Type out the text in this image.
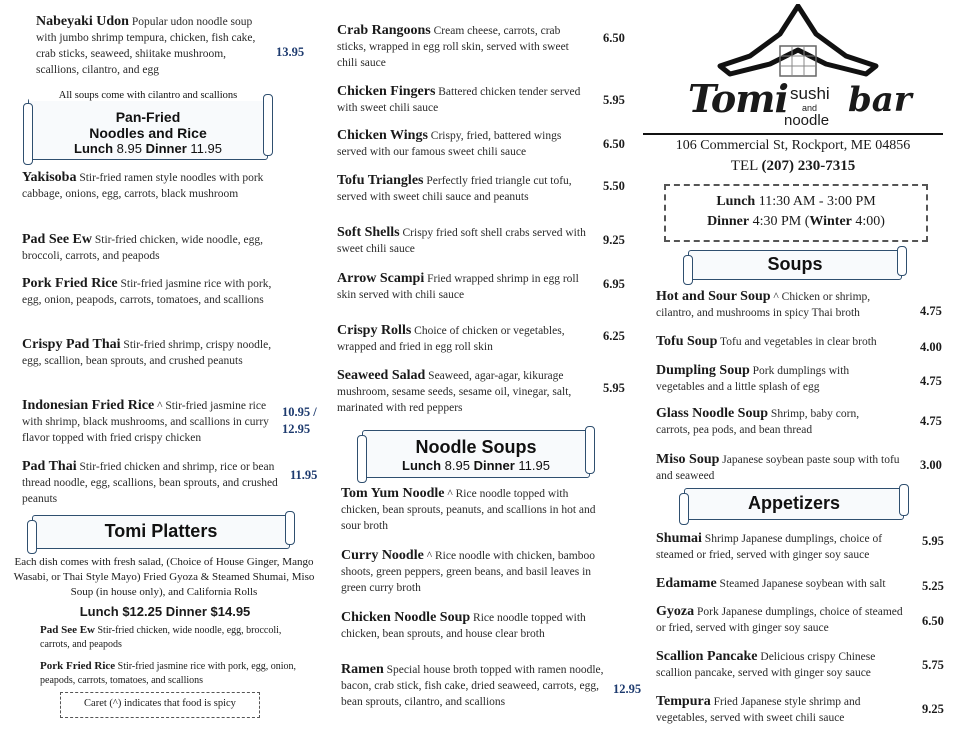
Nabeyaki Udon Popular udon noodle soup with jumbo shrimp tempura, chicken, fish cake, crab sticks, seaweed, shiitake mushroom, scallions, cilantro, and egg
13.95
All soups come with cilantro and scallions
Pan-Fried
Noodles and Rice
Lunch 8.95 Dinner 11.95
Yakisoba Stir-fried ramen style noodles with pork cabbage, onions, egg, carrots, black mushroom
Pad See Ew Stir-fried chicken, wide noodle, egg, broccoli, carrots, and peapods
Pork Fried Rice Stir-fried jasmine rice with pork, egg, onion, peapods, carrots, tomatoes, and scallions
Crispy Pad Thai Stir-fried shrimp, crispy noodle, egg, scallion, bean sprouts, and crushed peanuts
Indonesian Fried Rice ^ Stir-fried jasmine rice with shrimp, black mushrooms, and scallions in curry flavor topped with fried crispy chicken
10.95 / 12.95
Pad Thai Stir-fried chicken and shrimp, rice or bean thread noodle, egg, scallions, bean sprouts, and crushed peanuts
11.95
Tomi Platters
Each dish comes with fresh salad, (Choice of House Ginger, Mango Wasabi, or Thai Style Mayo) Fried Gyoza & Steamed Shumai, Miso Soup (in house only), and California Rolls
Lunch $12.25 Dinner $14.95
Pad See Ew Stir-fried chicken, wide noodle, egg, broccoli, carrots, and peapods
Pork Fried Rice Stir-fried jasmine rice with pork, egg, onion, peapods, carrots, tomatoes, and scallions
Caret (^) indicates that food is spicy
Crab Rangoons Cream cheese, carrots, crab sticks, wrapped in egg roll skin, served with sweet chili sauce
6.50
Chicken Fingers Battered chicken tender served with sweet chili sauce
5.95
Chicken Wings Crispy, fried, battered wings served with our famous sweet chili sauce
6.50
Tofu Triangles Perfectly fried triangle cut tofu, served with sweet chili sauce and peanuts
5.50
Soft Shells Crispy fried soft shell crabs served with sweet chili sauce
9.25
Arrow Scampi Fried wrapped shrimp in egg roll skin served with chili sauce
6.95
Crispy Rolls Choice of chicken or vegetables, wrapped and fried in egg roll skin
6.25
Seaweed Salad Seaweed, agar-agar, kikurage mushroom, sesame seeds, sesame oil, vinegar, salt, marinated with red peppers
5.95
Noodle Soups
Lunch 8.95 Dinner 11.95
Tom Yum Noodle ^ Rice noodle topped with chicken, bean sprouts, peanuts, and scallions in hot and sour broth
Curry Noodle ^ Rice noodle with chicken, bamboo shoots, green peppers, green beans, and basil leaves in green curry broth
Chicken Noodle Soup Rice noodle topped with chicken, bean sprouts, and house clear broth
Ramen Special house broth topped with ramen noodle, bacon, crab stick, fish cake, dried seaweed, carrots, egg, bean sprouts, cilantro, and scallions
12.95
Tomi sushi
and
noodle
bar
106 Commercial St, Rockport, ME 04856
TEL (207) 230-7315
Lunch 11:30 AM - 3:00 PM
Dinner 4:30 PM (Winter 4:00)
Soups
Hot and Sour Soup ^ Chicken or shrimp, cilantro, and mushrooms in spicy Thai broth	4.75
Tofu Soup Tofu and vegetables in clear broth	4.00
Dumpling Soup Pork dumplings with vegetables and a little splash of egg	4.75
Glass Noodle Soup Shrimp, baby corn, carrots, pea pods, and bean thread
4.75
Miso Soup Japanese soybean paste soup with tofu and seaweed
3.00
Appetizers
Shumai Shrimp Japanese dumplings, choice of steamed or fried, served with ginger soy sauce
5.95
Edamame Steamed Japanese soybean with salt	5.25
Gyoza Pork Japanese dumplings, choice of steamed or fried, served with ginger soy sauce	6.50
Scallion Pancake Delicious crispy Chinese scallion pancake, served with ginger soy sauce
5.75
Tempura Fried Japanese style shrimp and vegetables, served with sweet chili sauce
9.25
